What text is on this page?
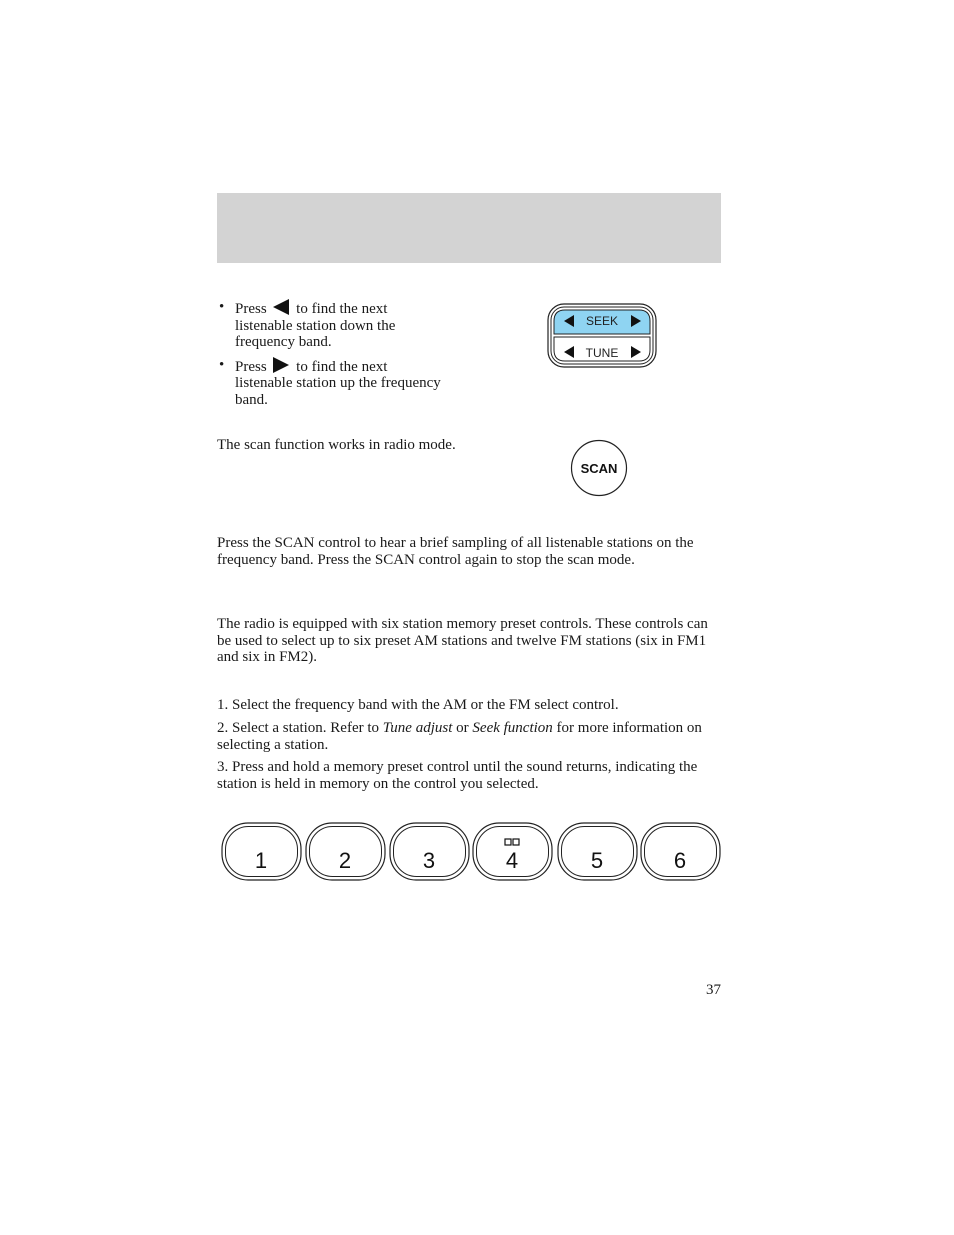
• Press to find the next listenable station down the frequency band.
• Press to find the next listenable station up the frequency band.
SEEK
TUNE
The scan function works in radio mode.
SCAN
Press the SCAN control to hear a brief sampling of all listenable stations on the frequency band. Press the SCAN control again to stop the scan mode.
The radio is equipped with six station memory preset controls. These controls can be used to select up to six preset AM stations and twelve FM stations (six in FM1 and six in FM2).
1. Select the frequency band with the AM or the FM select control.
2. Select a station. Refer to Tune adjust or Seek function for more information on selecting a station.
3. Press and hold a memory preset control until the sound returns, indicating the station is held in memory on the control you selected.
1	2	3	4	5	6
37
